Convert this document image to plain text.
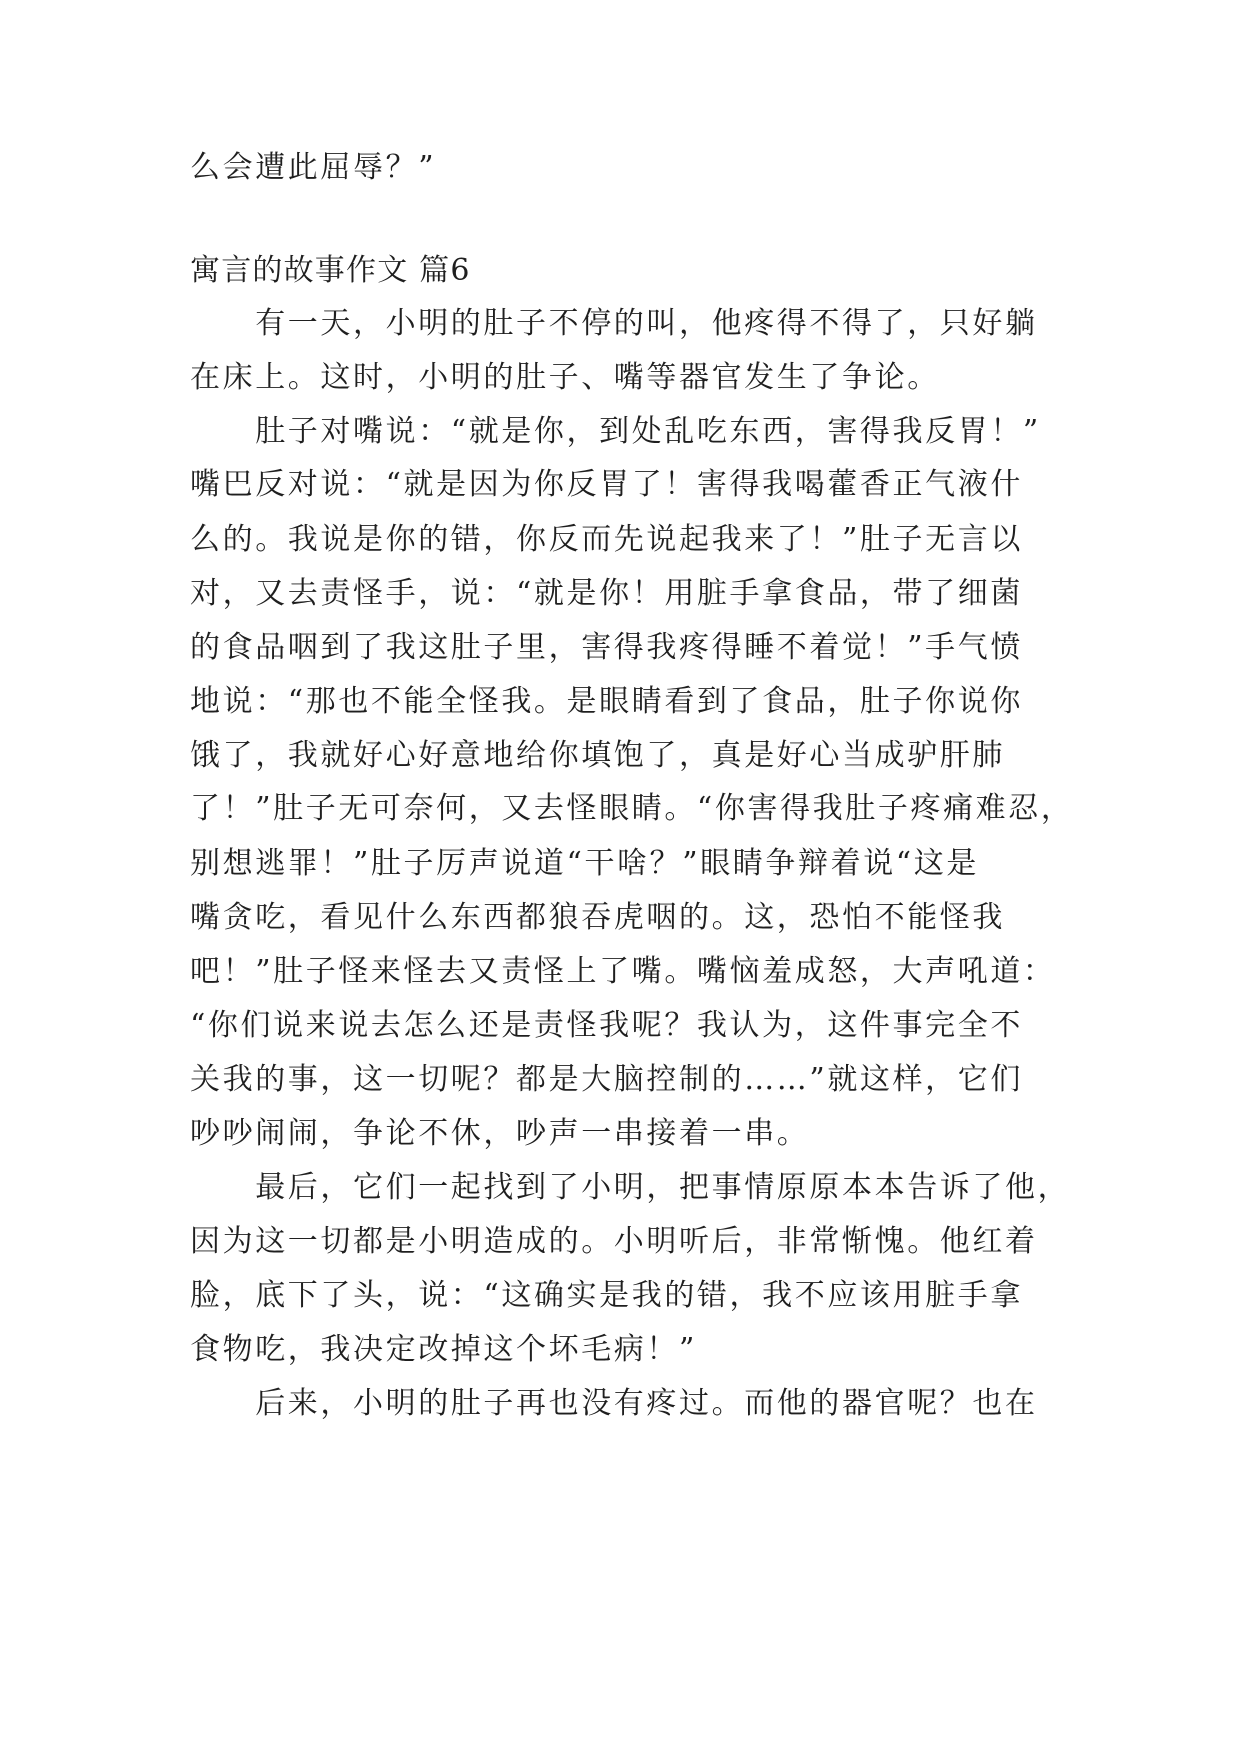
么会遭此屈辱？”
寓言的故事作文 篇6
　　有一天，小明的肚子不停的叫，他疼得不得了，只好躺
在床上。这时，小明的肚子、嘴等器官发生了争论。
　　肚子对嘴说：“就是你，到处乱吃东西，害得我反胃！”
嘴巴反对说：“就是因为你反胃了！害得我喝藿香正气液什
么的。我说是你的错，你反而先说起我来了！”肚子无言以
对，又去责怪手，说：“就是你！用脏手拿食品，带了细菌
的食品咽到了我这肚子里，害得我疼得睡不着觉！”手气愤
地说：“那也不能全怪我。是眼睛看到了食品，肚子你说你
饿了，我就好心好意地给你填饱了，真是好心当成驴肝肺
了！”肚子无可奈何，又去怪眼睛。“你害得我肚子疼痛难忍，
别想逃罪！”肚子厉声说道“干啥？”眼睛争辩着说“这是
嘴贪吃，看见什么东西都狼吞虎咽的。这，恐怕不能怪我
吧！”肚子怪来怪去又责怪上了嘴。嘴恼羞成怒，大声吼道：
“你们说来说去怎么还是责怪我呢？我认为，这件事完全不
关我的事，这一切呢？都是大脑控制的……”就这样，它们
吵吵闹闹，争论不休，吵声一串接着一串。
　　最后，它们一起找到了小明，把事情原原本本告诉了他，
因为这一切都是小明造成的。小明听后，非常惭愧。他红着
脸，底下了头，说：“这确实是我的错，我不应该用脏手拿
食物吃，我决定改掉这个坏毛病！”
　　后来，小明的肚子再也没有疼过。而他的器官呢？也在
